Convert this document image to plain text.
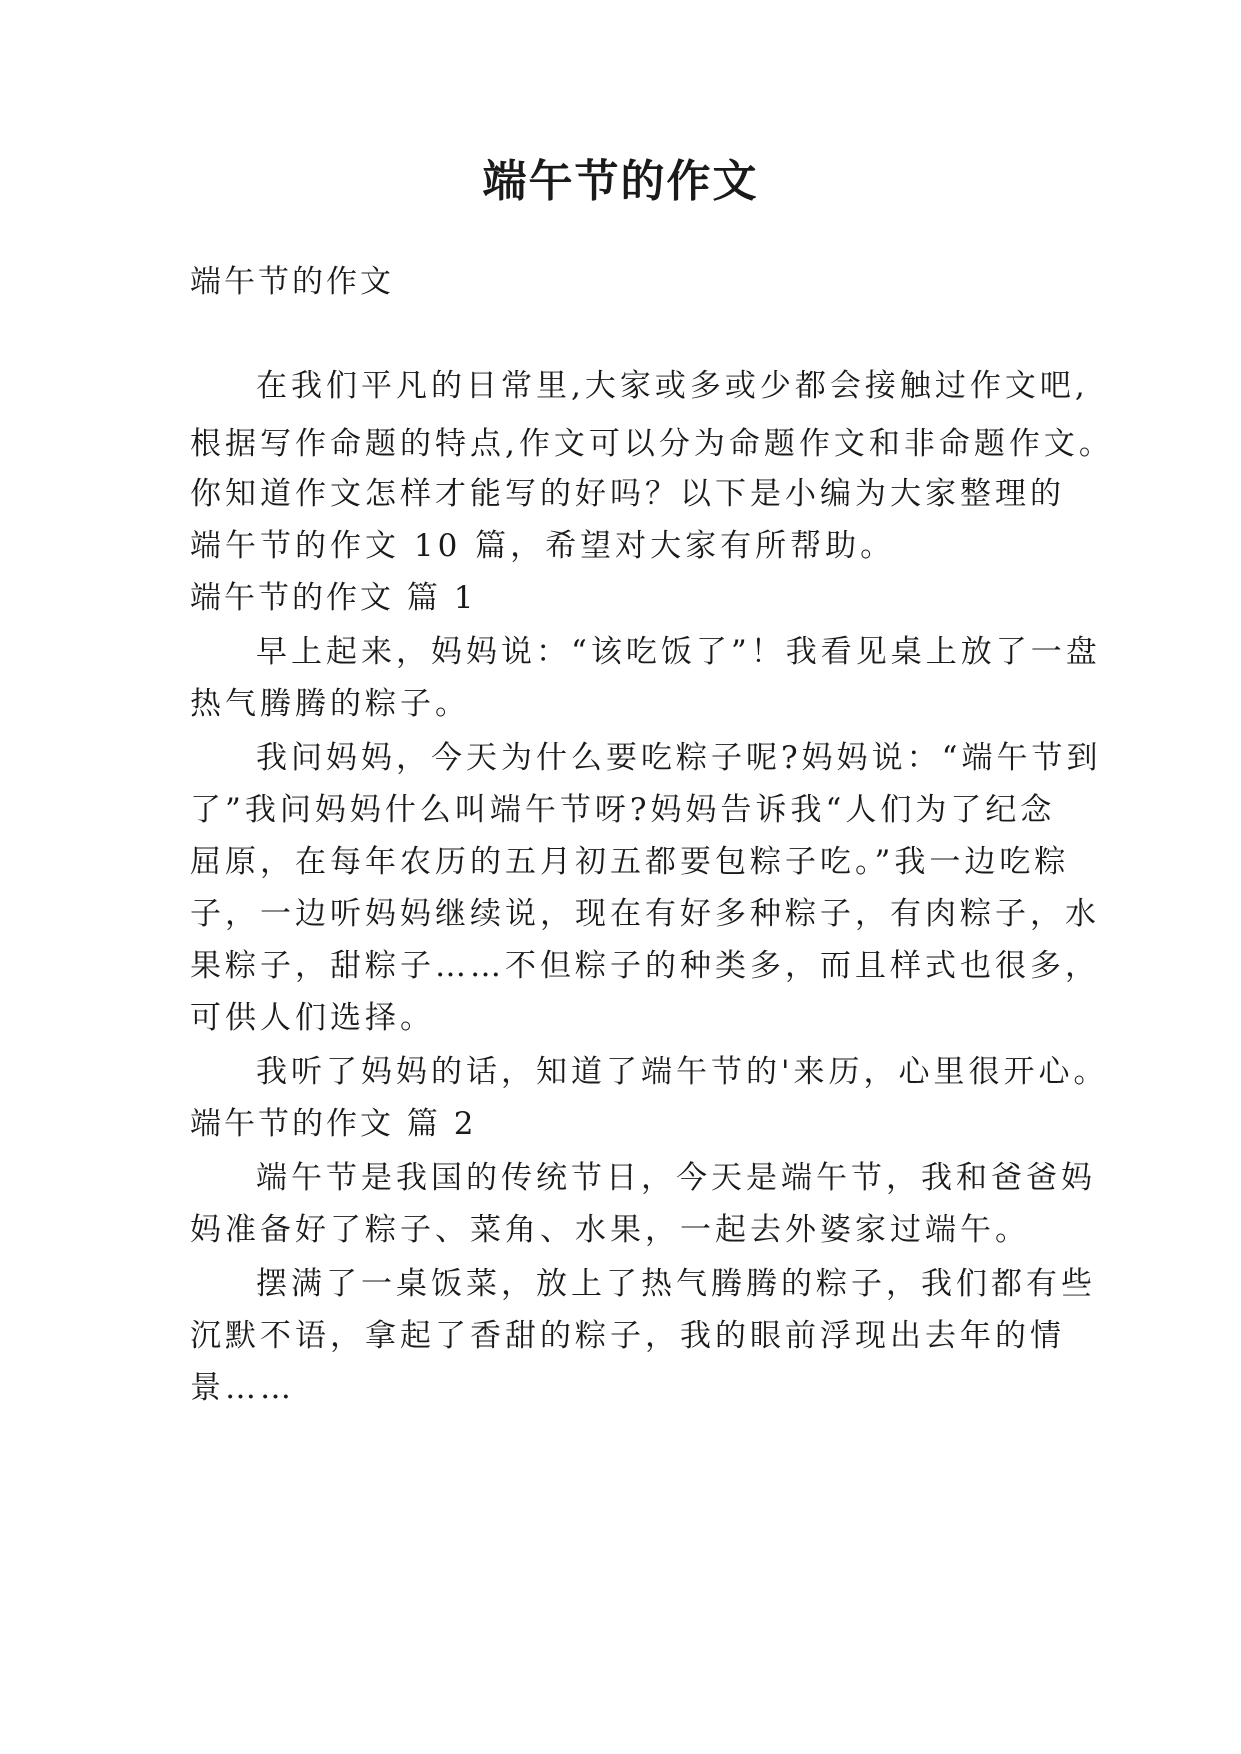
端午节的作文

端午节的作文

在我们平凡的日常里,大家或多或少都会接触过作文吧,

根据写作命题的特点,作文可以分为命题作文和非命题作文。

你知道作文怎样才能写的好吗？以下是小编为大家整理的

端午节的作文 10 篇，希望对大家有所帮助。

端午节的作文 篇 1

早上起来，妈妈说：“该吃饭了”！我看见桌上放了一盘

热气腾腾的粽子。

我问妈妈，今天为什么要吃粽子呢?妈妈说：“端午节到

了”我问妈妈什么叫端午节呀?妈妈告诉我“人们为了纪念

屈原，在每年农历的五月初五都要包粽子吃。”我一边吃粽

子，一边听妈妈继续说，现在有好多种粽子，有肉粽子，水

果粽子，甜粽子……不但粽子的种类多，而且样式也很多，

可供人们选择。

我听了妈妈的话，知道了端午节的'来历，心里很开心。

端午节的作文 篇 2

端午节是我国的传统节日，今天是端午节，我和爸爸妈

妈准备好了粽子、菜角、水果，一起去外婆家过端午。

摆满了一桌饭菜，放上了热气腾腾的粽子，我们都有些

沉默不语，拿起了香甜的粽子，我的眼前浮现出去年的情

景……
